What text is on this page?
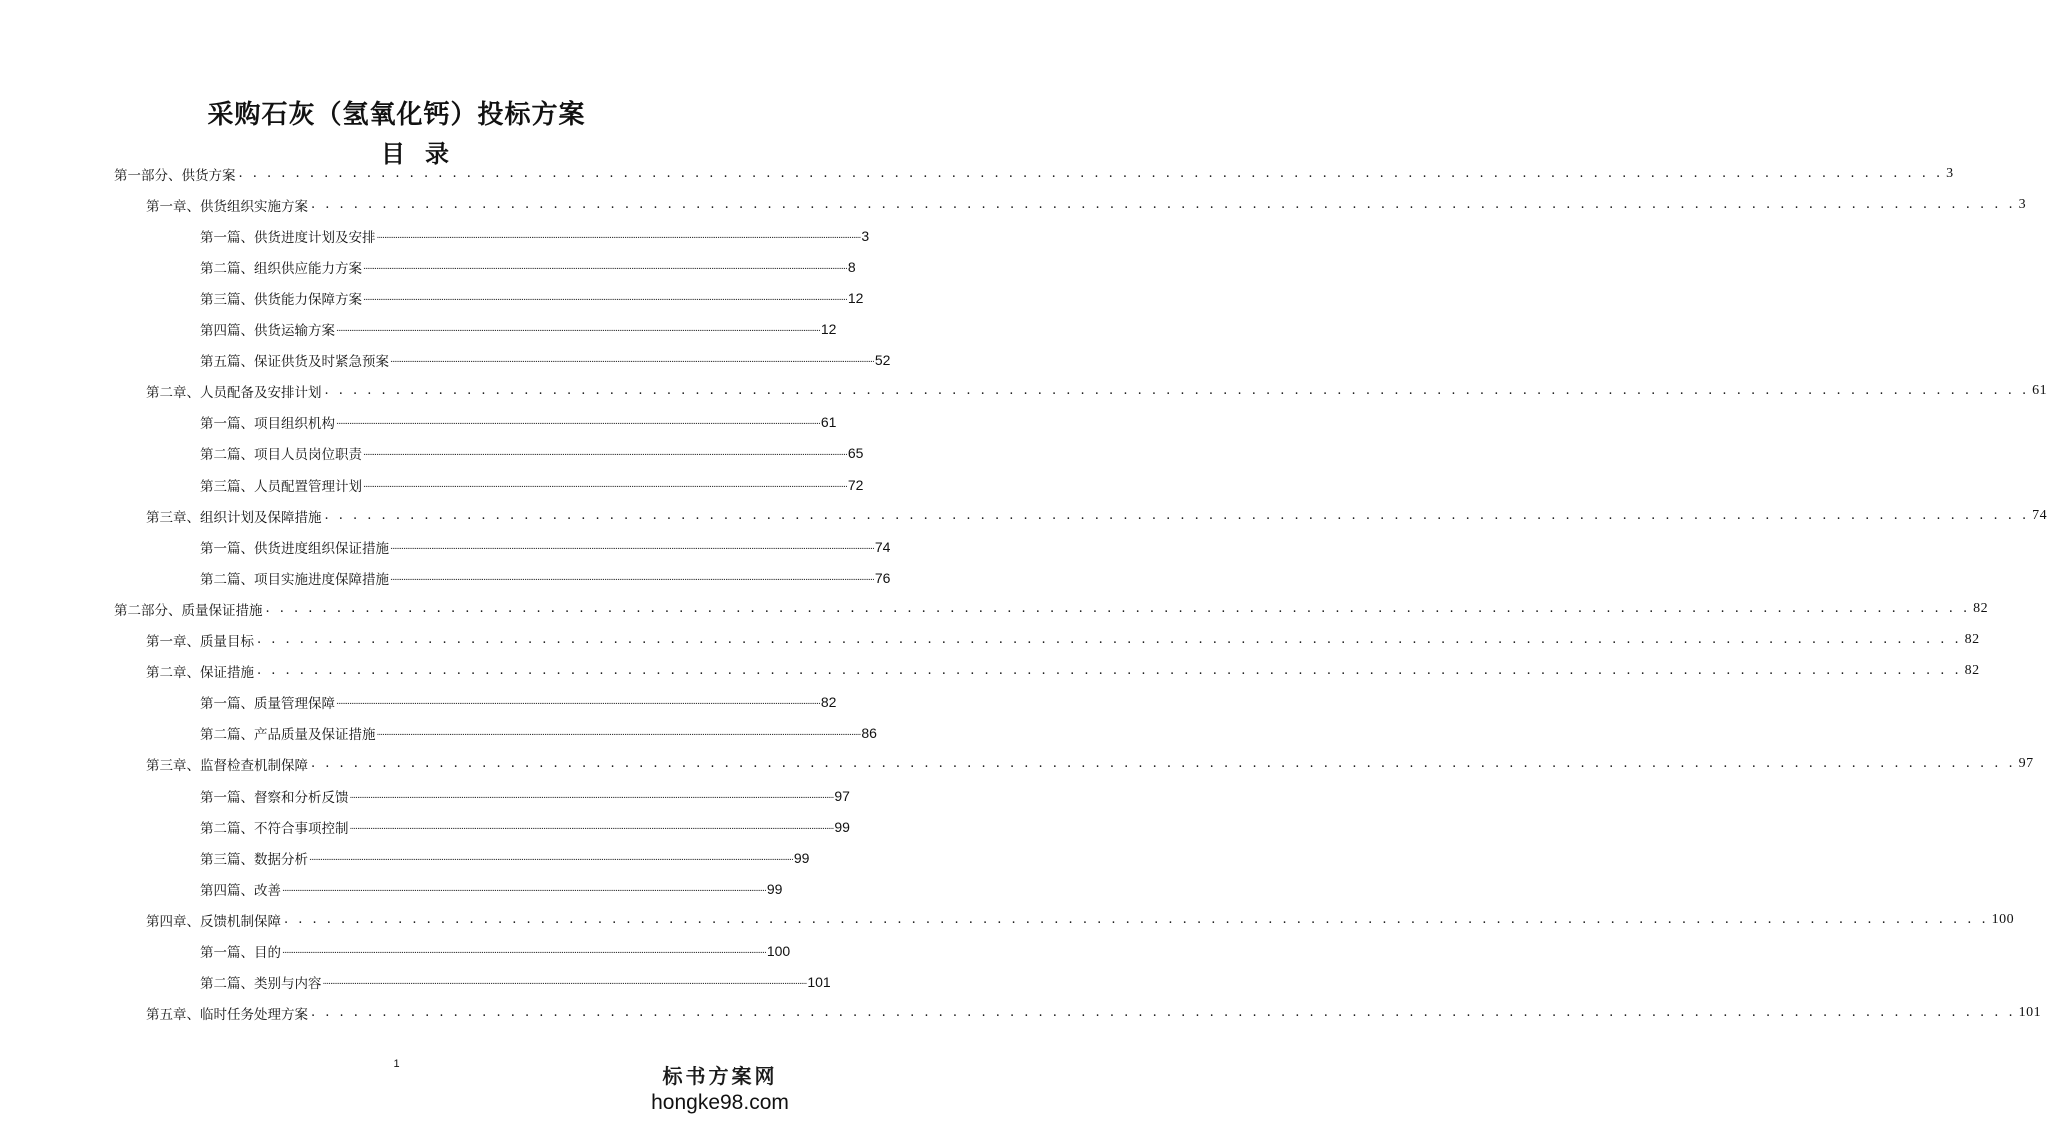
采购石灰（氢氧化钙）投标方案
目录
第一部分、供货方案 . . . . . . . . . . . . . . . . . . . . . . . . . . . . . . . . . . . . . . . . . . . . . . . . . . . . . . . . . . . . . . . . . . . . . . . . . . . . . . . . . . . . . . . . . . . . . . . . . . . . . . . . . . . . . . . . . . . . . . . . 3
第一章、供货组织实施方案 . . . . . . . . . . . . . . . . . . . . . . . . . . . . . . . . . . . . . . . . . . . . . . . . . . . . . . . . . . . . . . . . . . . . . . . . . . . . . . . . . . . . . . . . . . . . . . . . . . . . . . . . . . . . . . . . . . . . . . . . 3
第一篇、供货进度计划及安排 .................................................................................................................................................................................................................................................................... 3
第二篇、组织供应能力方案 .................................................................................................................................................................................................................................................................... 8
第三篇、供货能力保障方案 .................................................................................................................................................................................................................................................................... 12
第四篇、供货运输方案 .................................................................................................................................................................................................................................................................... 12
第五篇、保证供货及时紧急预案 .................................................................................................................................................................................................................................................................... 52
第二章、人员配备及安排计划 . . . . . . . . . . . . . . . . . . . . . . . . . . . . . . . . . . . . . . . . . . . . . . . . . . . . . . . . . . . . . . . . . . . . . . . . . . . . . . . . . . . . . . . . . . . . . . . . . . . . . . . . . . . . . . . . . . . . . . . . 61
第一篇、项目组织机构 .................................................................................................................................................................................................................................................................... 61
第二篇、项目人员岗位职责 .................................................................................................................................................................................................................................................................... 65
第三篇、人员配置管理计划 .................................................................................................................................................................................................................................................................... 72
第三章、组织计划及保障措施 . . . . . . . . . . . . . . . . . . . . . . . . . . . . . . . . . . . . . . . . . . . . . . . . . . . . . . . . . . . . . . . . . . . . . . . . . . . . . . . . . . . . . . . . . . . . . . . . . . . . . . . . . . . . . . . . . . . . . . . . 74
第一篇、供货进度组织保证措施 .................................................................................................................................................................................................................................................................... 74
第二篇、项目实施进度保障措施 .................................................................................................................................................................................................................................................................... 76
第二部分、质量保证措施 . . . . . . . . . . . . . . . . . . . . . . . . . . . . . . . . . . . . . . . . . . . . . . . . . . . . . . . . . . . . . . . . . . . . . . . . . . . . . . . . . . . . . . . . . . . . . . . . . . . . . . . . . . . . . . . . . . . . . . . . 82
第一章、质量目标 . . . . . . . . . . . . . . . . . . . . . . . . . . . . . . . . . . . . . . . . . . . . . . . . . . . . . . . . . . . . . . . . . . . . . . . . . . . . . . . . . . . . . . . . . . . . . . . . . . . . . . . . . . . . . . . . . . . . . . . . 82
第二章、保证措施 . . . . . . . . . . . . . . . . . . . . . . . . . . . . . . . . . . . . . . . . . . . . . . . . . . . . . . . . . . . . . . . . . . . . . . . . . . . . . . . . . . . . . . . . . . . . . . . . . . . . . . . . . . . . . . . . . . . . . . . . 82
第一篇、质量管理保障 .................................................................................................................................................................................................................................................................... 82
第二篇、产品质量及保证措施 .................................................................................................................................................................................................................................................................... 86
第三章、监督检查机制保障 . . . . . . . . . . . . . . . . . . . . . . . . . . . . . . . . . . . . . . . . . . . . . . . . . . . . . . . . . . . . . . . . . . . . . . . . . . . . . . . . . . . . . . . . . . . . . . . . . . . . . . . . . . . . . . . . . . . . . . . . 97
第一篇、督察和分析反馈 .................................................................................................................................................................................................................................................................... 97
第二篇、不符合事项控制 .................................................................................................................................................................................................................................................................... 99
第三篇、数据分析 .................................................................................................................................................................................................................................................................... 99
第四篇、改善 .................................................................................................................................................................................................................................................................... 99
第四章、反馈机制保障 . . . . . . . . . . . . . . . . . . . . . . . . . . . . . . . . . . . . . . . . . . . . . . . . . . . . . . . . . . . . . . . . . . . . . . . . . . . . . . . . . . . . . . . . . . . . . . . . . . . . . . . . . . . . . . . . . . . . . . . . 100
第一篇、目的 .................................................................................................................................................................................................................................................................... 100
第二篇、类别与内容 .................................................................................................................................................................................................................................................................... 101
第五章、临时任务处理方案 . . . . . . . . . . . . . . . . . . . . . . . . . . . . . . . . . . . . . . . . . . . . . . . . . . . . . . . . . . . . . . . . . . . . . . . . . . . . . . . . . . . . . . . . . . . . . . . . . . . . . . . . . . . . . . . . . . . . . . . . 101
1	标书方案网
hongke98.com
